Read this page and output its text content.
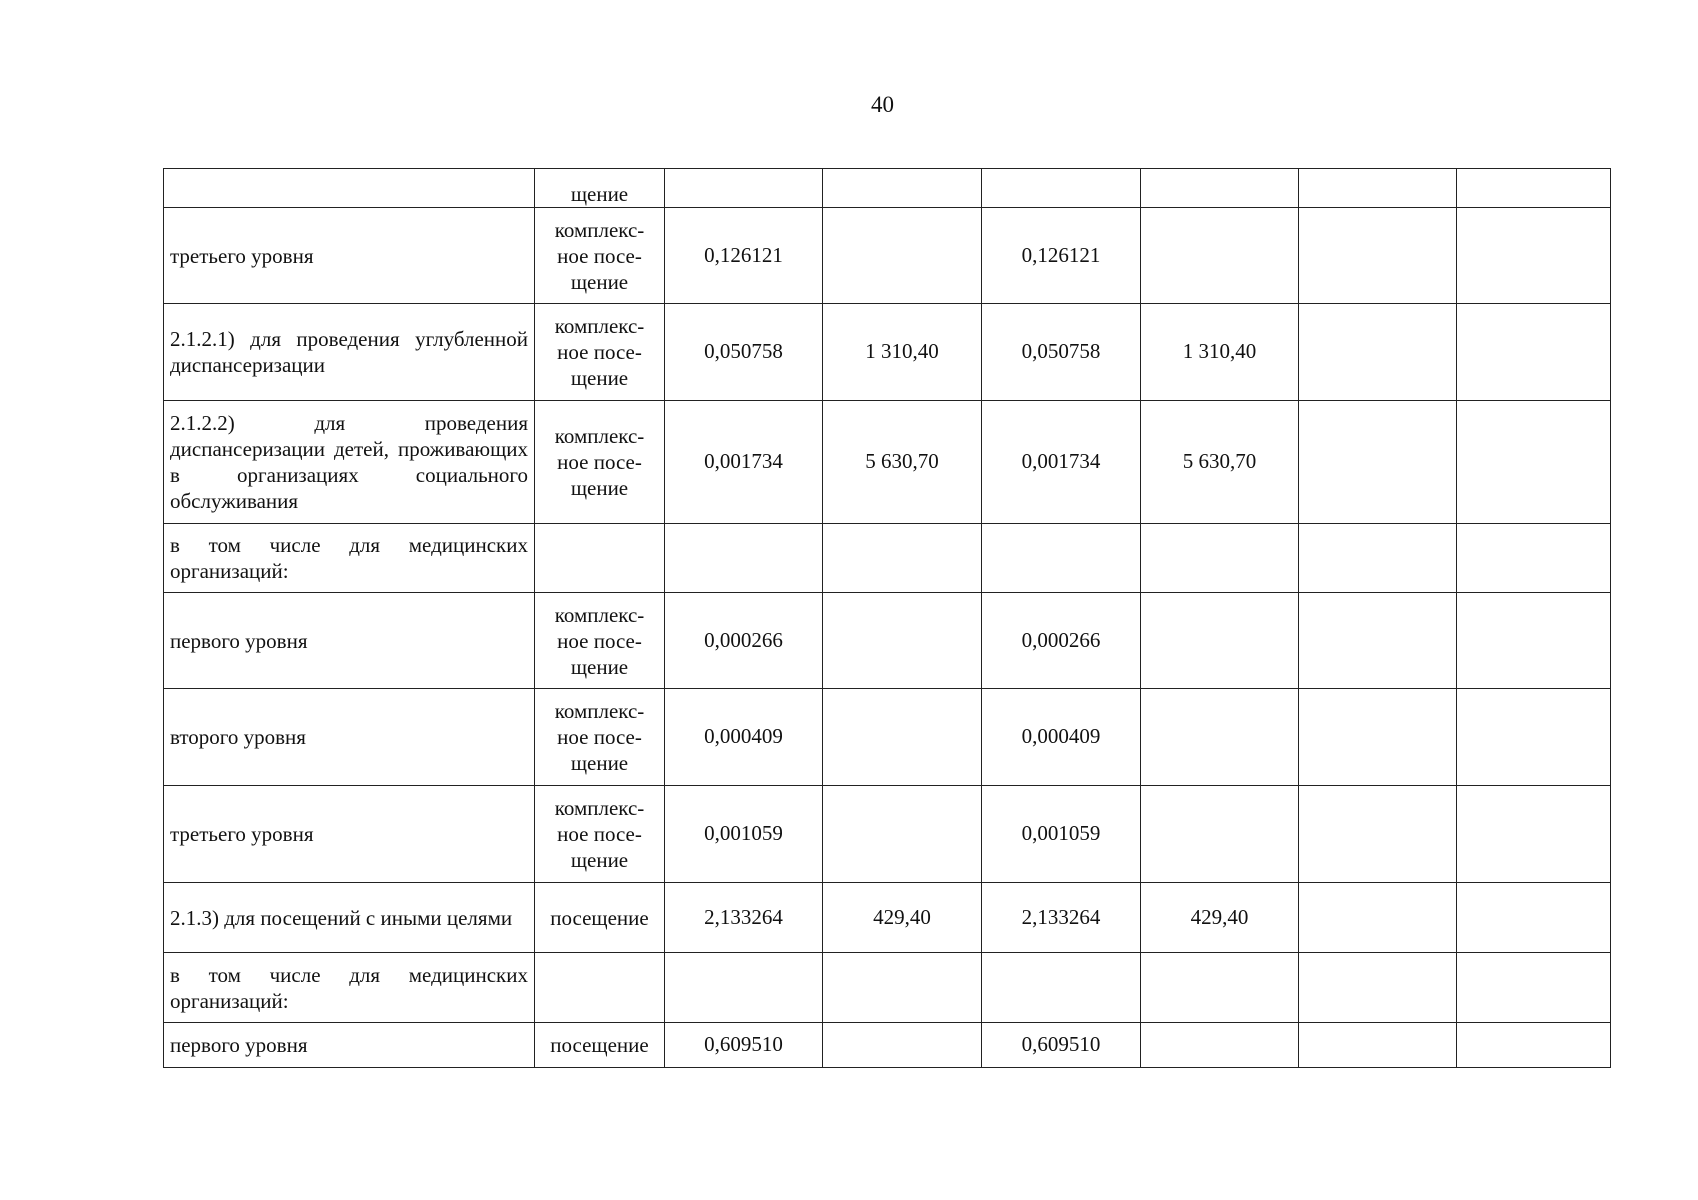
40
	щение						
третьего уровня	комплекс-ное посе-щение	0,126121		0,126121			
2.1.2.1) для проведения углубленной диспансеризации	комплекс-ное посе-щение	0,050758	1 310,40	0,050758	1 310,40		
2.1.2.2) для проведения диспансеризации детей, проживающих в организациях социального обслуживания	комплекс-ное посе-щение	0,001734	5 630,70	0,001734	5 630,70		
в том числе для медицинских организаций:							
первого уровня	комплекс-ное посе-щение	0,000266		0,000266			
второго уровня	комплекс-ное посе-щение	0,000409		0,000409			
третьего уровня	комплекс-ное посе-щение	0,001059		0,001059			
2.1.3) для посещений с иными целями	посещение	2,133264	429,40	2,133264	429,40		
в том числе для медицинских организаций:							
первого уровня	посещение	0,609510		0,609510			
